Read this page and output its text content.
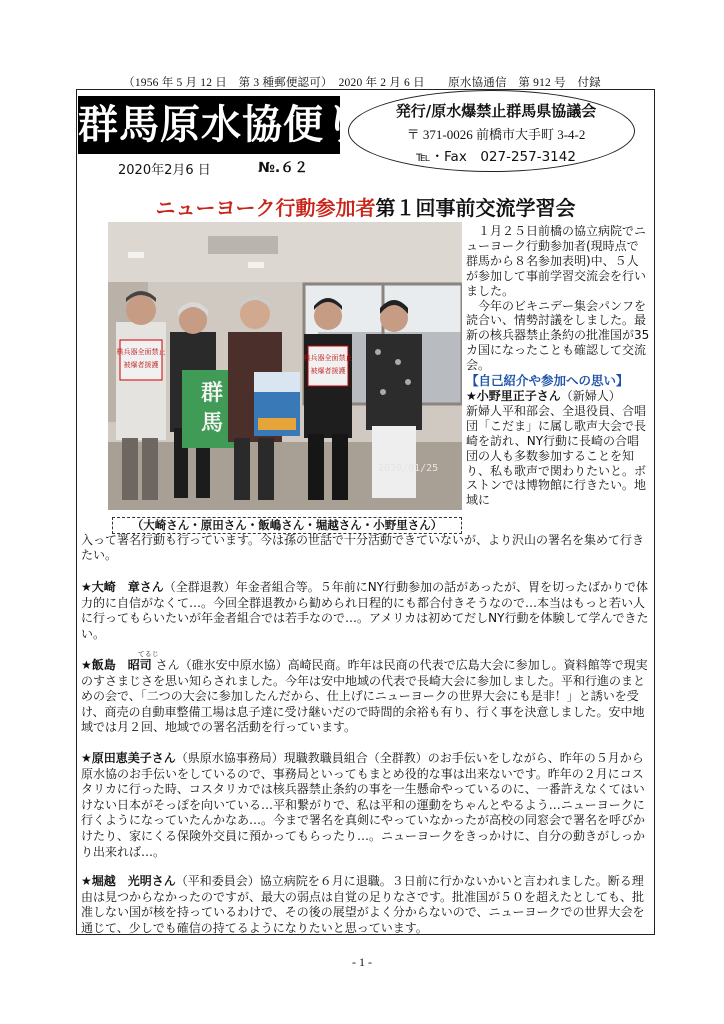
（1956 年 5 月 12 日　第 3 種郵便認可）　2020 年 2 月 6 日　　原水協通信　第 912 号　付録
群馬原水協便り
2020年2月6 日	№.６２
発行/原水爆禁止群馬県協議会
〒 371-0026 前橋市大手町 3-4-2
℡・Fax　027-257-3142
ニューヨーク行動参加者第１回事前交流学習会
核兵器全面禁止
被爆者援護
群
馬
核兵器全面禁止
被爆者援護
2020/01/25
（大崎さん・原田さん・飯嶋さん・堀越さん・小野里さん）

１月２５日前橋の協立病院でニューヨーク行動参加者(現時点で群馬から８名参加表明)中、５人が参加して事前学習交流会を行いました。

今年のビキニデー集会パンフを読合い、情勢討議をしました。最新の核兵器禁止条約の批准国が35カ国になったことも確認して交流会。

【自己紹介や参加への思い】
★小野里正子さん（新婦人）
新婦人平和部会、全退役員、合唱団「こだま」に属し歌声大会で長崎を訪れ、NY行動に長崎の合唱団の人も多数参加することを知り、私も歌声で関わりたいと。ボストンでは博物館に行きたい。地域に
入って署名行動も行っています。今は孫の世話で十分活動できていないが、より沢山の署名を集めて行きたい。

★大崎　章さん（全群退教）年金者組合等。５年前にNY行動参加の話があったが、胃を切ったばかりで体力的に自信がなくて…。今回全群退教から勧められ日程的にも都合付きそうなので…本当はもっと若い人に行ってもらいたいが年金者組合では若手なので…。アメリカは初めてだしNY行動を体験して学んできたい。

てるじ

★飯島　昭司 さん（碓氷安中原水協）高崎民商。昨年は民商の代表で広島大会に参加し。資料館等で現実のすさまじさを思い知らされました。今年は安中地域の代表で長崎大会に参加しました。平和行進のまとめの会で、「二つの大会に参加したんだから、仕上げにニューヨークの世界大会にも是非！」と誘いを受け、商売の自動車整備工場は息子達に受け継いだので時間的余裕も有り、行く事を決意しました。安中地域では月２回、地域での署名活動を行っています。

★原田恵美子さん（県原水協事務局）現職教職員組合（全群教）のお手伝いをしながら、昨年の５月から原水協のお手伝いをしているので、事務局といってもまとめ役的な事は出来ないです。昨年の２月にコスタリカに行った時、コスタリカでは核兵器禁止条約の事を一生懸命やっているのに、一番許えなくてはいけない日本がそっぽを向いている…平和繋がりで、私は平和の運動をちゃんとやるよう…ニューヨークに行くようになっていたんかなあ…。今まで署名を真剣にやっていなかったが高校の同窓会で署名を呼びかけたり、家にくる保険外交員に預かってもらったり…。ニューヨークをきっかけに、自分の動きがしっかり出来れば…。

★堀越　光明さん（平和委員会）協立病院を６月に退職。３日前に行かないかいと言われました。断る理由は見つからなかったのですが、最大の弱点は自覚の足りなさです。批准国が５０を超えたとしても、批准しない国が核を持っているわけで、その後の展望がよく分からないので、ニューヨークでの世界大会を通じて、少しでも確信の持てるようになりたいと思っています。

- 1 -
